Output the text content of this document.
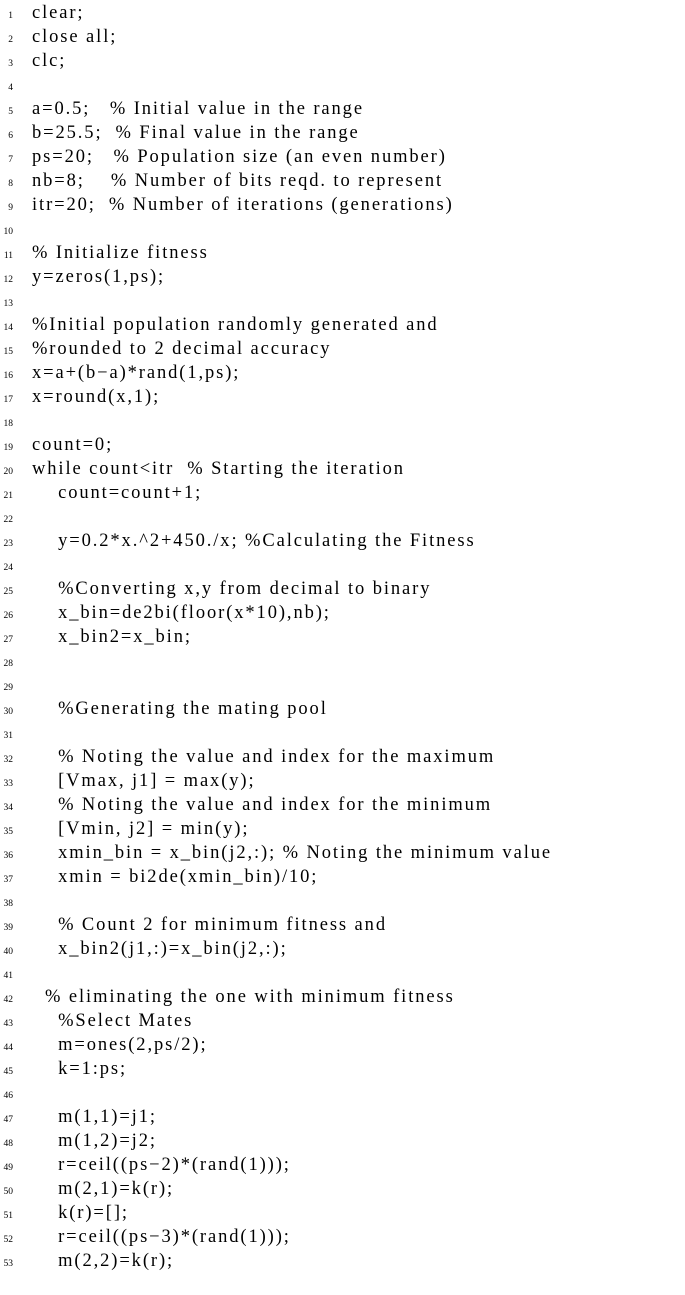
1 clear;
2 close all;
3 clc;
4
5 a=0.5;   % Initial value in the range
6 b=25.5;  % Final value in the range
7 ps=20;   % Population size (an even number)
8 nb=8;    % Number of bits reqd. to represent
9 itr=20;  % Number of iterations (generations)
10
11 % Initialize fitness
12 y=zeros(1,ps);
13
14 %Initial population randomly generated and
15 %rounded to 2 decimal accuracy
16 x=a+(b−a)*rand(1,ps);
17 x=round(x,1);
18
19 count=0;
20 while count<itr  % Starting the iteration
21 count=count+1;
22
23 y=0.2*x.^2+450./x; %Calculating the Fitness
24
25 %Converting x,y from decimal to binary
26 x_bin=de2bi(floor(x*10),nb);
27 x_bin2=x_bin;
28
29
30 %Generating the mating pool
31
32 % Noting the value and index for the maximum
33 [Vmax, j1] = max(y);
34 % Noting the value and index for the minimum
35 [Vmin, j2] = min(y);
36 xmin_bin = x_bin(j2,:); % Noting the minimum value
37 xmin = bi2de(xmin_bin)/10;
38
39 % Count 2 for minimum fitness and
40 x_bin2(j1,:)=x_bin(j2,:);
41
42 % eliminating the one with minimum fitness
43 %Select Mates
44 m=ones(2,ps/2);
45 k=1:ps;
46
47 m(1,1)=j1;
48 m(1,2)=j2;
49 r=ceil((ps−2)*(rand(1)));
50 m(2,1)=k(r);
51 k(r)=[];
52 r=ceil((ps−3)*(rand(1)));
53 m(2,2)=k(r);
